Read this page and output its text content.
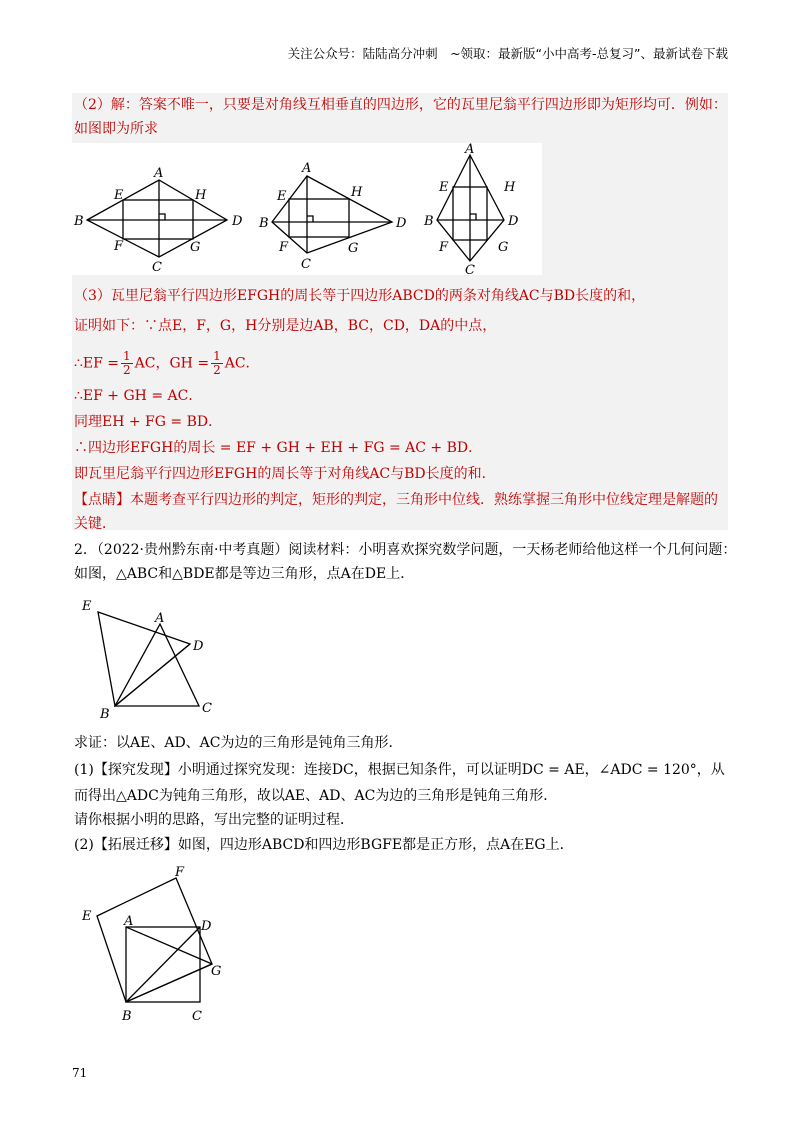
关注公众号：陆陆高分冲刺　~领取：最新版“小中高考-总复习”、最新试卷下载
（2）解：答案不唯一，只要是对角线互相垂直的四边形，它的瓦里尼翁平行四边形即为矩形均可．例如：
如图即为所求
A
B
C
D
E
F	G
H
A
B
C
D
E
F	G
H
A
B
C
D
E
F	G
H
（3）瓦里尼翁平行四边形EFGH的周长等于四边形ABCD的两条对角线AC与BD长度的和，
证明如下：∵点E，F，G，H分别是边AB，BC，CD，DA的中点，
∴EF = $\frac{1}{2}$ AC，GH = $\frac{1}{2}$ AC．
∴EF + GH = AC．
同理EH + FG = BD．
∴四边形EFGH的周长 = EF + GH + EH + FG = AC + BD．
即瓦里尼翁平行四边形EFGH的周长等于对角线AC与BD长度的和．
【点睛】本题考查平行四边形的判定，矩形的判定，三角形中位线．熟练掌握三角形中位线定理是解题的
关键．
2．（2022·贵州黔东南·中考真题）阅读材料：小明喜欢探究数学问题，一天杨老师给他这样一个几何问题：
如图，△ABC和△BDE都是等边三角形，点A在DE上．
E
A
D
B	C
求证：以AE、AD、AC为边的三角形是钝角三角形．
(1)【探究发现】小明通过探究发现：连接DC，根据已知条件，可以证明DC = AE，∠ADC = 120°，从
而得出△ADC为钝角三角形，故以AE、AD、AC为边的三角形是钝角三角形．
请你根据小明的思路，写出完整的证明过程．
(2)【拓展迁移】如图，四边形ABCD和四边形BGFE都是正方形，点A在EG上．
F
E	A	D
G
B	C
71
